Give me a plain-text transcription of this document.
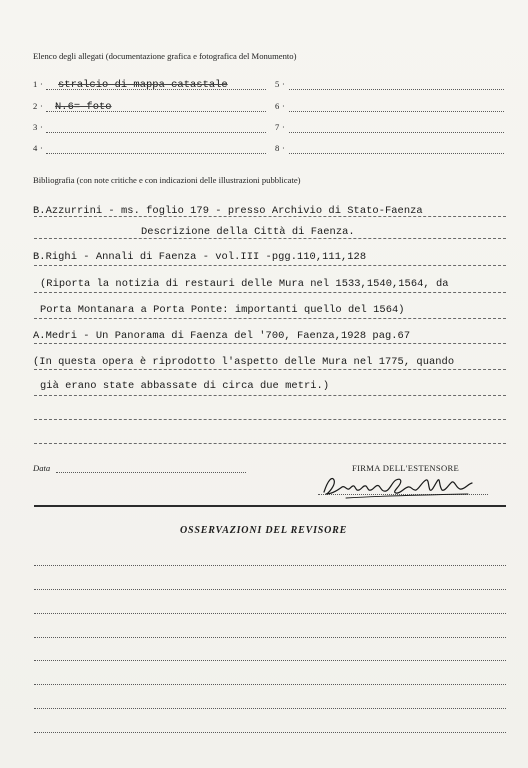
Elenco degli allegati (documentazione grafica e fotografica del Monumento)
1 · stralcio di mappa catastale
2 · N.6= foto
3 ·
4 ·
5 ·
6 ·
7 ·
8 ·
Bibliografia (con note critiche e con indicazioni delle illustrazioni pubblicate)
B.Azzurrini - ms. foglio 179 - presso Archivio di Stato-Faenza
Descrizione della Città di Faenza.
B.Righi - Annali di Faenza - vol.III -pgg.110,111,128
(Riporta la notizia di restauri delle Mura nel 1533,1540,1564, da
Porta Montanara a Porta Ponte: importanti quello del 1564)
A.Medri - Un Panorama di Faenza del '700, Faenza,1928 pag.67
(In questa opera è riprodotto l'aspetto delle Mura nel 1775, quando
già erano state abbassate di circa due metri.)
Data	FIRMA DELL'ESTENSORE
OSSERVAZIONI DEL REVISORE
